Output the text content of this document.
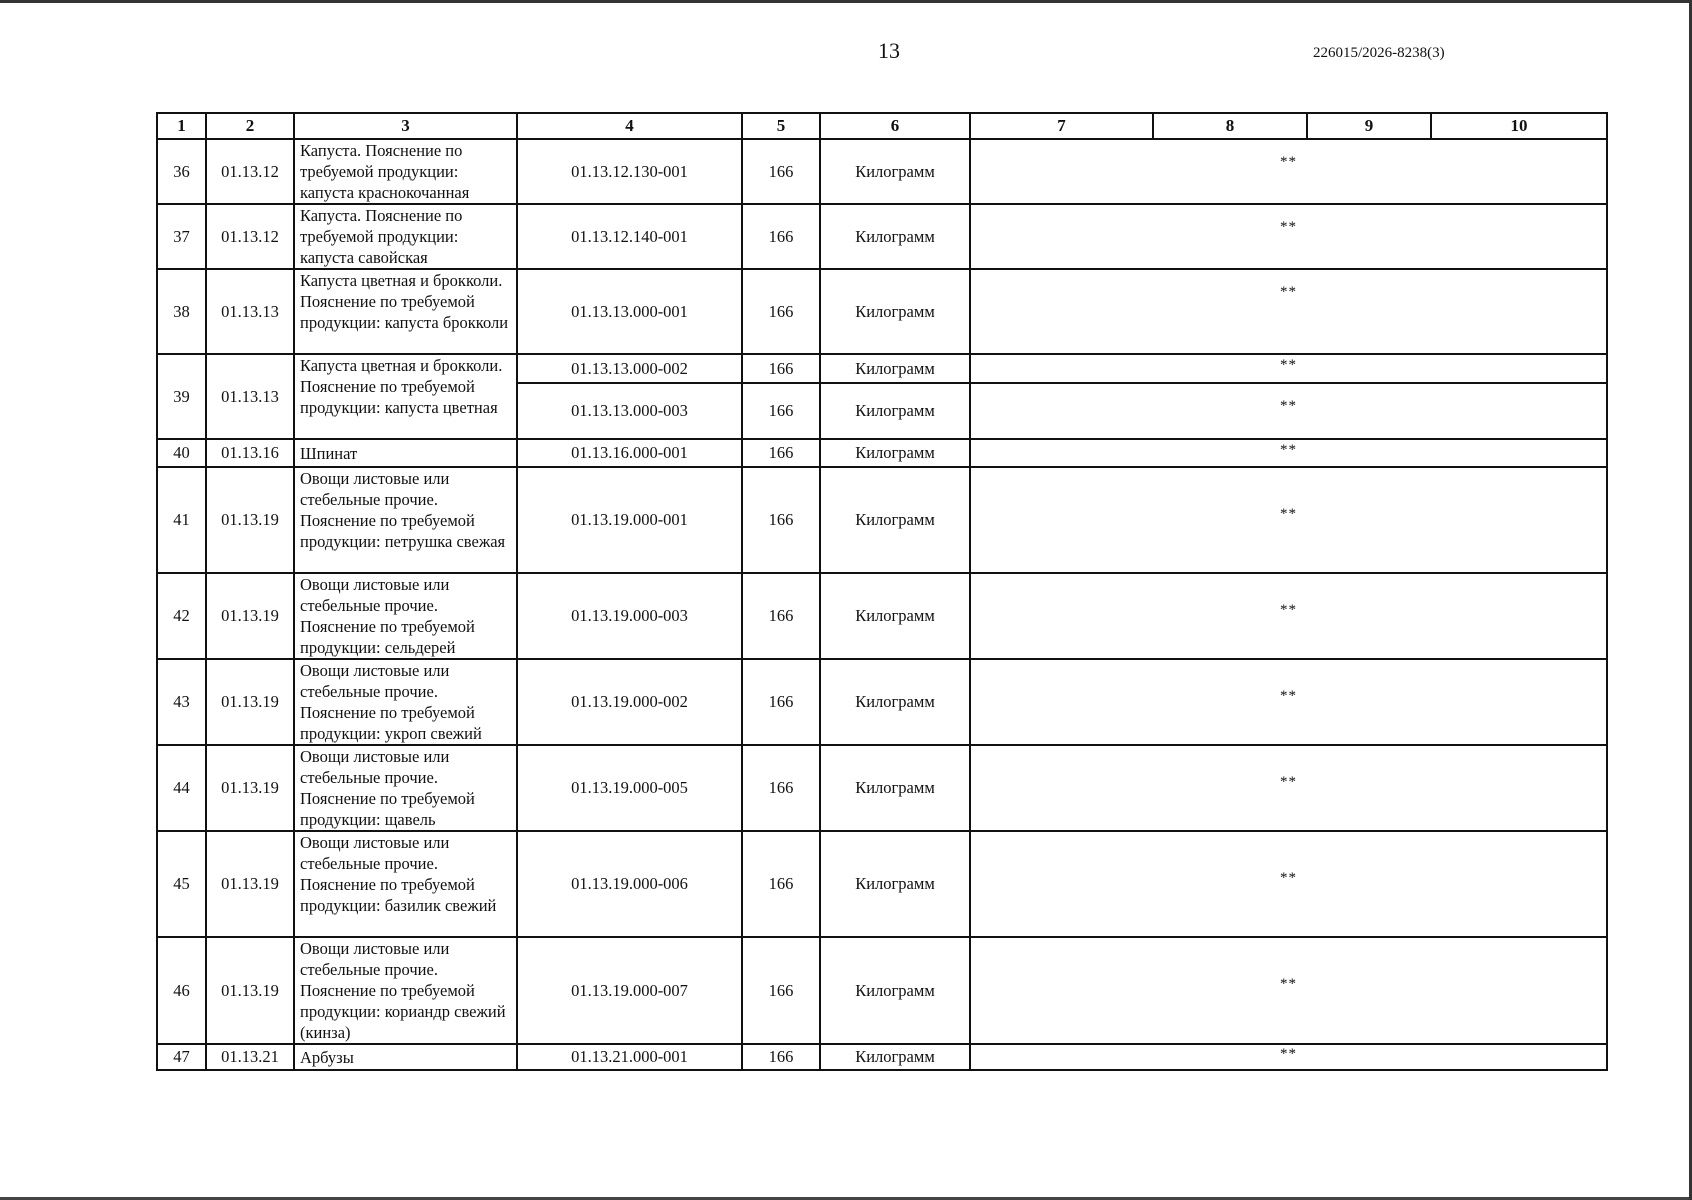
13	226015/2026-8238(3)
1	2	3	4	5	6	7	8	9	10
36	01.13.12	Капуста. Пояснение по требуемой продукции: капуста краснокочанная	01.13.12.130-001	166	Килограмм	**			
37	01.13.12	Капуста. Пояснение по требуемой продукции: капуста савойская	01.13.12.140-001	166	Килограмм	**			
38	01.13.13	Капуста цветная и брокколи. Пояснение по требуемой продукции: капуста брокколи	01.13.13.000-001	166	Килограмм	**			
39	01.13.13	Капуста цветная и брокколи. Пояснение по требуемой продукции: капуста цветная	01.13.13.000-002	166	Килограмм	**			
			01.13.13.000-003	166	Килограмм	**			
40	01.13.16	Шпинат	01.13.16.000-001	166	Килограмм	**			
41	01.13.19	Овощи листовые или стебельные прочие. Пояснение по требуемой продукции: петрушка свежая	01.13.19.000-001	166	Килограмм	**			
42	01.13.19	Овощи листовые или стебельные прочие. Пояснение по требуемой продукции: сельдерей	01.13.19.000-003	166	Килограмм	**			
43	01.13.19	Овощи листовые или стебельные прочие. Пояснение по требуемой продукции: укроп свежий	01.13.19.000-002	166	Килограмм	**			
44	01.13.19	Овощи листовые или стебельные прочие. Пояснение по требуемой продукции: щавель	01.13.19.000-005	166	Килограмм	**			
45	01.13.19	Овощи листовые или стебельные прочие. Пояснение по требуемой продукции: базилик свежий	01.13.19.000-006	166	Килограмм	**			
46	01.13.19	Овощи листовые или стебельные прочие. Пояснение по требуемой продукции: кориандр свежий (кинза)	01.13.19.000-007	166	Килограмм	**			
47	01.13.21	Арбузы	01.13.21.000-001	166	Килограмм	**			
